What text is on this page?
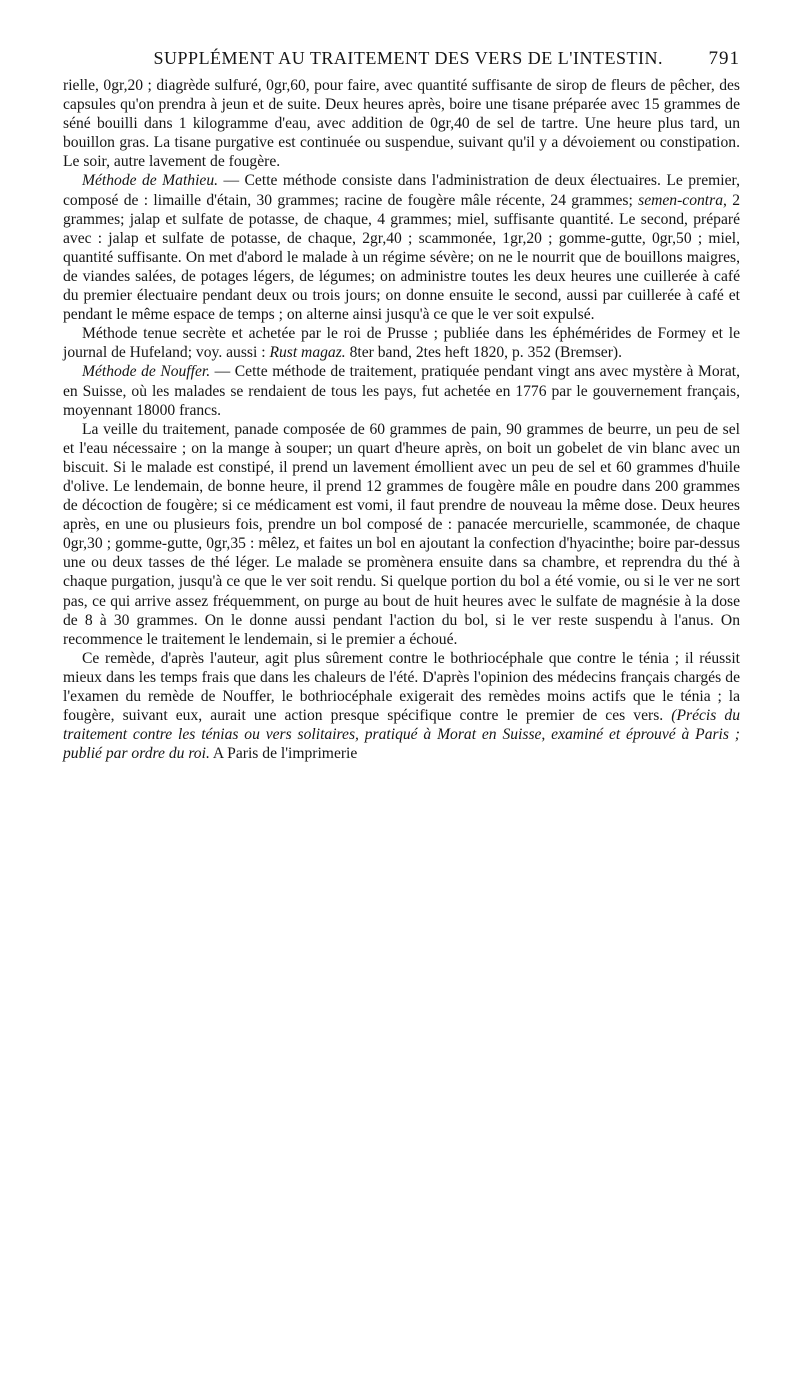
SUPPLÉMENT AU TRAITEMENT DES VERS DE L'INTESTIN.	791

rielle, 0gr,20 ; diagrède sulfuré, 0gr,60, pour faire, avec quantité suffisante de sirop de fleurs de pêcher, des capsules qu'on prendra à jeun et de suite. Deux heures après, boire une tisane préparée avec 15 grammes de séné bouilli dans 1 kilogramme d'eau, avec addition de 0gr,40 de sel de tartre. Une heure plus tard, un bouillon gras. La tisane purgative est continuée ou suspendue, suivant qu'il y a dévoiement ou constipation. Le soir, autre lavement de fougère.

Méthode de Mathieu. — Cette méthode consiste dans l'administration de deux électuaires. Le premier, composé de : limaille d'étain, 30 grammes; racine de fougère mâle récente, 24 grammes; semen-contra, 2 grammes; jalap et sulfate de potasse, de chaque, 4 grammes; miel, suffisante quantité. Le second, préparé avec : jalap et sulfate de potasse, de chaque, 2gr,40 ; scammonée, 1gr,20 ; gomme-gutte, 0gr,50 ; miel, quantité suffisante. On met d'abord le malade à un régime sévère; on ne le nourrit que de bouillons maigres, de viandes salées, de potages légers, de légumes; on administre toutes les deux heures une cuillerée à café du premier électuaire pendant deux ou trois jours; on donne ensuite le second, aussi par cuillerée à café et pendant le même espace de temps ; on alterne ainsi jusqu'à ce que le ver soit expulsé.

Méthode tenue secrète et achetée par le roi de Prusse ; publiée dans les éphémérides de Formey et le journal de Hufeland; voy. aussi : Rust magaz. 8ter band, 2tes heft 1820, p. 352 (Bremser).

Méthode de Nouffer. — Cette méthode de traitement, pratiquée pendant vingt ans avec mystère à Morat, en Suisse, où les malades se rendaient de tous les pays, fut achetée en 1776 par le gouvernement français, moyennant 18000 francs.

La veille du traitement, panade composée de 60 grammes de pain, 90 grammes de beurre, un peu de sel et l'eau nécessaire ; on la mange à souper; un quart d'heure après, on boit un gobelet de vin blanc avec un biscuit. Si le malade est constipé, il prend un lavement émollient avec un peu de sel et 60 grammes d'huile d'olive. Le lendemain, de bonne heure, il prend 12 grammes de fougère mâle en poudre dans 200 grammes de décoction de fougère; si ce médicament est vomi, il faut prendre de nouveau la même dose. Deux heures après, en une ou plusieurs fois, prendre un bol composé de : panacée mercurielle, scammonée, de chaque 0gr,30 ; gomme-gutte, 0gr,35 : mêlez, et faites un bol en ajoutant la confection d'hyacinthe; boire par-dessus une ou deux tasses de thé léger. Le malade se promènera ensuite dans sa chambre, et reprendra du thé à chaque purgation, jusqu'à ce que le ver soit rendu. Si quelque portion du bol a été vomie, ou si le ver ne sort pas, ce qui arrive assez fréquemment, on purge au bout de huit heures avec le sulfate de magnésie à la dose de 8 à 30 grammes. On le donne aussi pendant l'action du bol, si le ver reste suspendu à l'anus. On recommence le traitement le lendemain, si le premier a échoué.

Ce remède, d'après l'auteur, agit plus sûrement contre le bothriocéphale que contre le ténia ; il réussit mieux dans les temps frais que dans les chaleurs de l'été. D'après l'opinion des médecins français chargés de l'examen du remède de Nouffer, le bothriocéphale exigerait des remèdes moins actifs que le ténia ; la fougère, suivant eux, aurait une action presque spécifique contre le premier de ces vers. (Précis du traitement contre les ténias ou vers solitaires, pratiqué à Morat en Suisse, examiné et éprouvé à Paris ; publié par ordre du roi. A Paris de l'imprimerie
